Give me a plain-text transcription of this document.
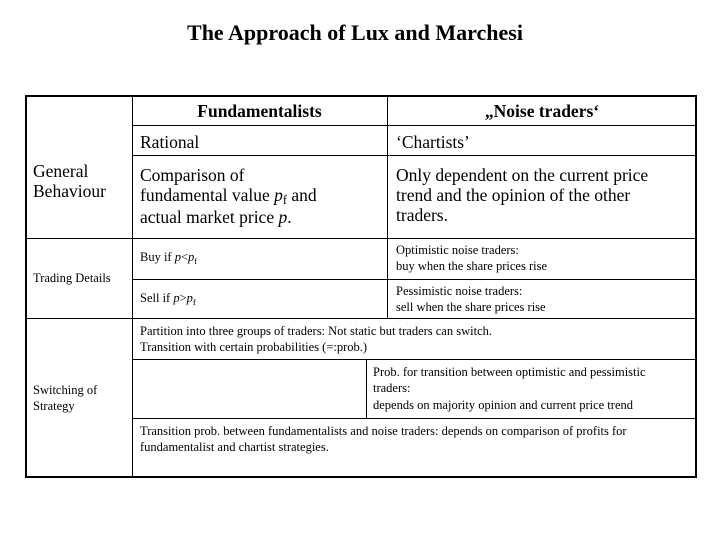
The Approach of Lux and Marchesi
Fundamentalists	„Noise traders‘
Rational	‘Chartists’
General
Behaviour
Comparison of
fundamental value $p_f$ and
actual market price p.
Only dependent on the current price
trend and the opinion of the other
traders.
Trading Details
Buy if $p<p_f$
Sell if $p>p_f$
Optimistic noise traders:
buy when the share prices rise
Pessimistic noise traders:
sell when the share prices rise
Switching of
Strategy
Partition into three groups of traders: Not static but traders can switch.
Transition with certain probabilities (=:prob.)
Prob. for transition between optimistic and pessimistic
traders:
depends on majority opinion and current price trend
Transition prob. between fundamentalists and noise traders: depends on comparison of profits for
fundamentalist and chartist strategies.
